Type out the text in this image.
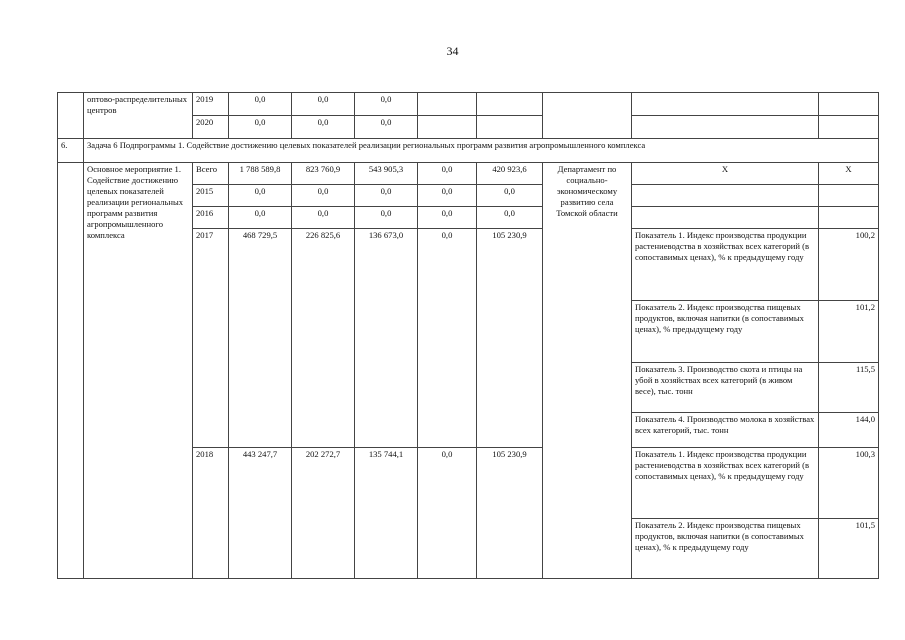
34
	оптово-распределительных центров	2019	0,0	0,0	0,0					
		2020	0,0	0,0	0,0					
6.	Задача 6 Подпрограммы 1. Содействие достижению целевых показателей реализации региональных программ развития агропромышленного комплекса									
	Основное мероприятие 1. Содействие достижению целевых показателей реализации региональных программ развития агропромышленного комплекса	Всего	1 788 589,8	823 760,9	543 905,3	0,0	420 923,6	Департамент по социально-экономическому развитию села Томской области	X	X
		2015	0,0	0,0	0,0	0,0	0,0			
		2016	0,0	0,0	0,0	0,0	0,0			
		2017	468 729,5	226 825,6	136 673,0	0,0	105 230,9		Показатель 1. Индекс производства продукции растениеводства в хозяйствах всех категорий (в сопоставимых ценах), % к предыдущему году	100,2
									Показатель 2. Индекс производства пищевых продуктов, включая напитки (в сопоставимых ценах), % предыдущему году	101,2
									Показатель 3. Производство скота и птицы на убой в хозяйствах всех категорий (в живом весе), тыс. тонн	115,5
									Показатель 4. Производство молока в хозяйствах всех категорий, тыс. тонн	144,0
		2018	443 247,7	202 272,7	135 744,1	0,0	105 230,9		Показатель 1. Индекс производства продукции растениеводства в хозяйствах всех категорий (в сопоставимых ценах), % к предыдущему году	100,3
									Показатель 2. Индекс производства пищевых продуктов, включая напитки (в сопоставимых ценах), % к предыдущему году	101,5
